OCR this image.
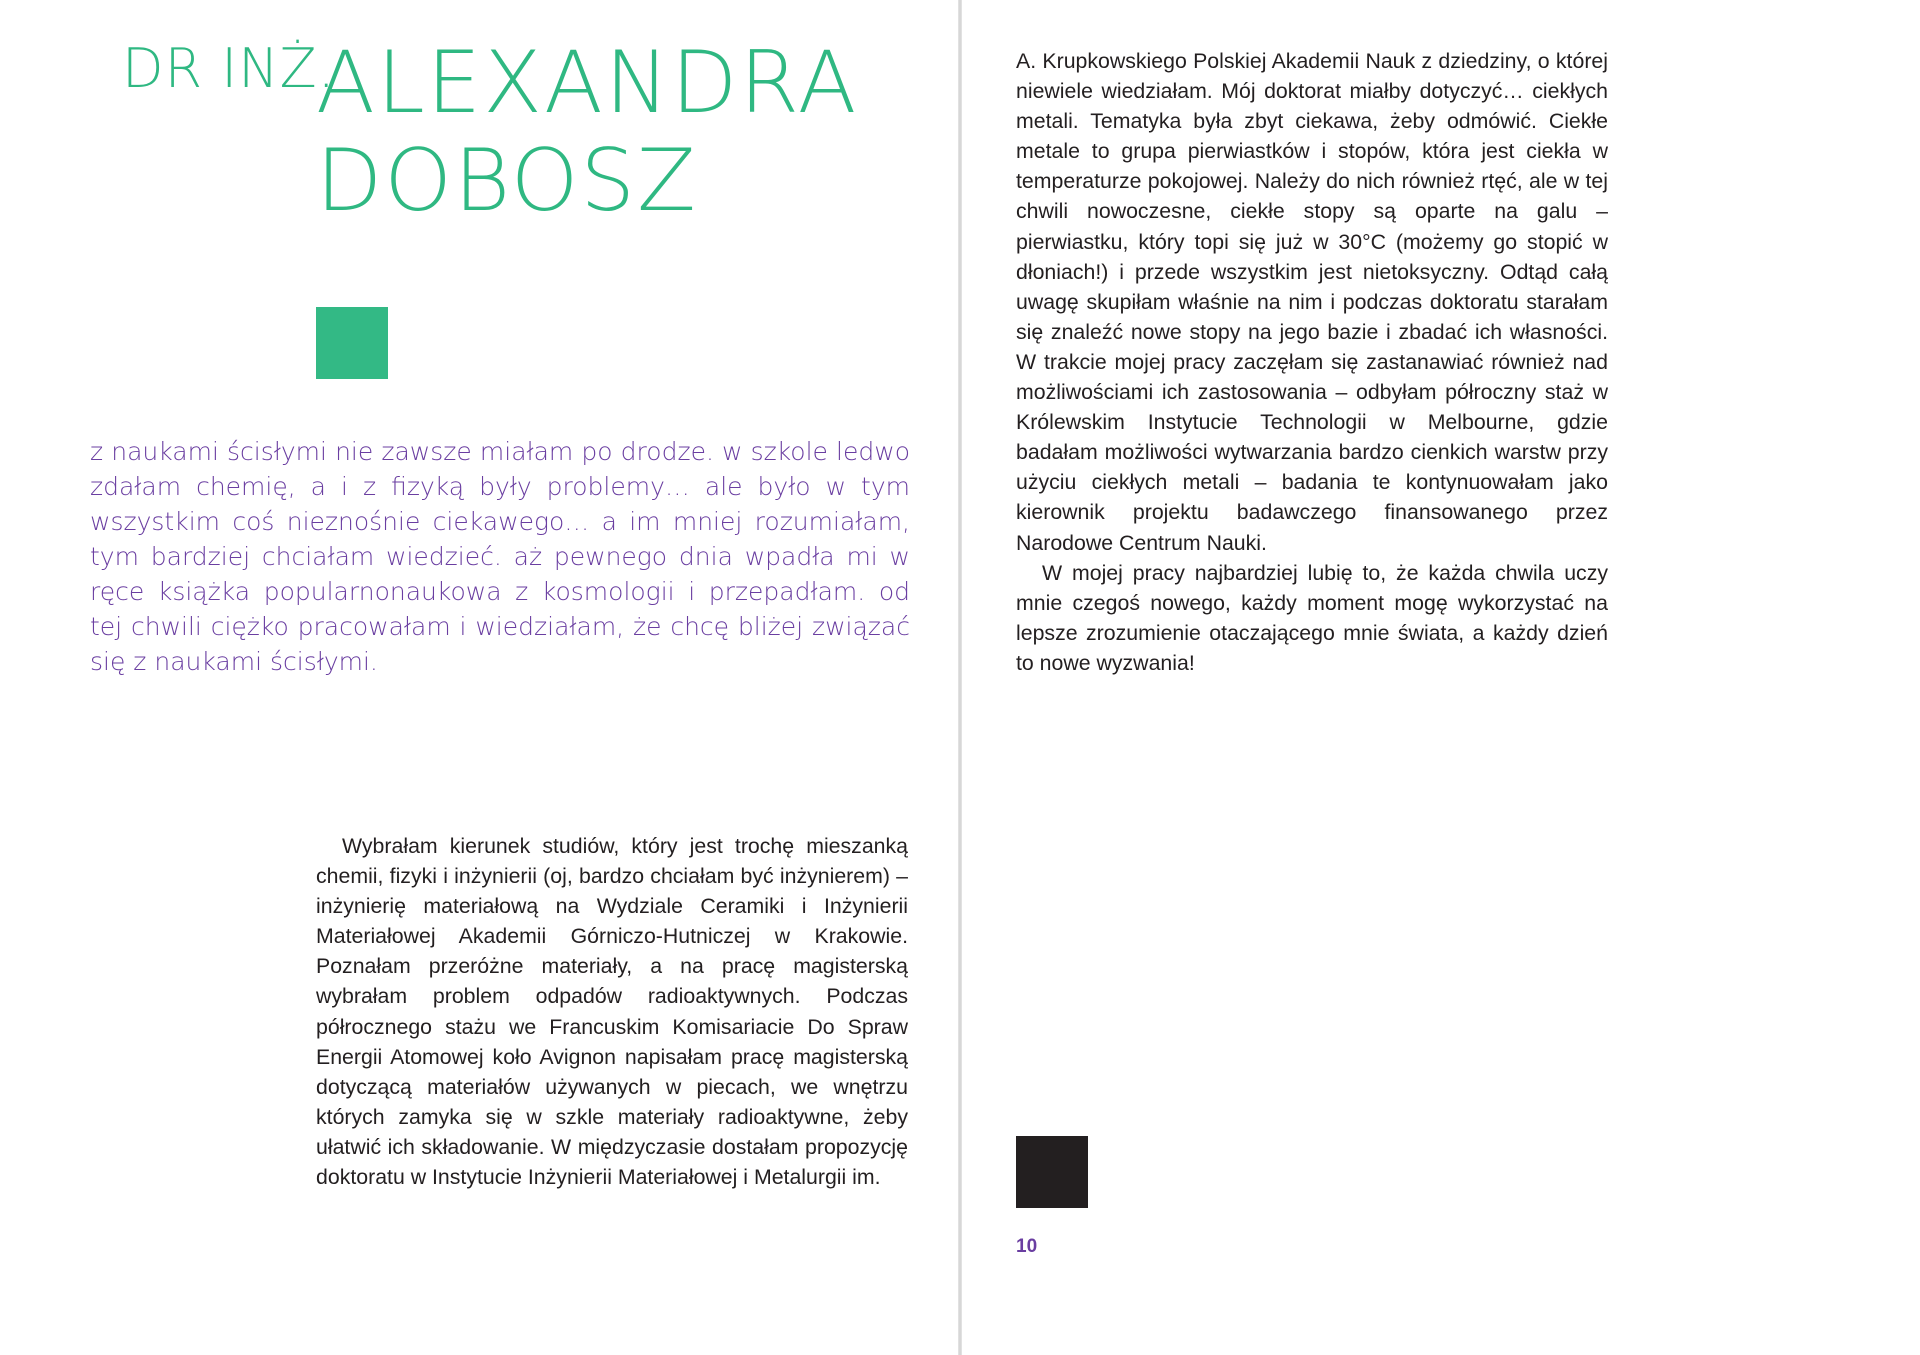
DR INŻ.
ALEXANDRA
DOBOSZ
z naukami ścisłymi nie zawsze miałam po drodze. w szkole ledwo zdałam chemię, a i z fizyką były problemy… ale było w tym wszystkim coś nieznośnie ciekawego… a im mniej rozumiałam, tym bardziej chciałam wiedzieć. aż pewnego dnia wpadła mi w ręce książka popularnonaukowa z kosmologii i przepadłam. od tej chwili ciężko pracowałam i wiedziałam, że chcę bliżej związać się z naukami ścisłymi.

Wybrałam kierunek studiów, który jest trochę mieszanką chemii, fizyki i inżynierii (oj, bardzo chciałam być inżynierem) – inżynierię materiałową na Wydziale Ceramiki i Inżynierii Materiałowej Akademii Górniczo-Hutniczej w Krakowie. Poznałam przeróżne materiały, a na pracę magisterską wybrałam problem odpadów radioaktywnych. Podczas półrocznego stażu we Francuskim Komisariacie Do Spraw Energii Atomowej koło Avignon napisałam pracę magisterską dotyczącą materiałów używanych w piecach, we wnętrzu których zamyka się w szkle materiały radioaktywne, żeby ułatwić ich składowanie. W międzyczasie dostałam propozycję doktoratu w Instytucie Inżynierii Materiałowej i Metalurgii im.

A. Krupkowskiego Polskiej Akademii Nauk z dziedziny, o której niewiele wiedziałam. Mój doktorat miałby dotyczyć… ciekłych metali. Tematyka była zbyt ciekawa, żeby odmówić. Ciekłe metale to grupa pierwiastków i stopów, która jest ciekła w temperaturze pokojowej. Należy do nich również rtęć, ale w tej chwili nowoczesne, ciekłe stopy są oparte na galu – pierwiastku, który topi się już w 30°C (możemy go stopić w dłoniach!) i przede wszystkim jest nietoksyczny. Odtąd całą uwagę skupiłam właśnie na nim i podczas doktoratu starałam się znaleźć nowe stopy na jego bazie i zbadać ich własności. W trakcie mojej pracy zaczęłam się zastanawiać również nad możliwościami ich zastosowania – odbyłam półroczny staż w Królewskim Instytucie Technologii w Melbourne, gdzie badałam możliwości wytwarzania bardzo cienkich warstw przy użyciu ciekłych metali – badania te kontynuowałam jako kierownik projektu badawczego finansowanego przez Narodowe Centrum Nauki.

W mojej pracy najbardziej lubię to, że każda chwila uczy mnie czegoś nowego, każdy moment mogę wykorzystać na lepsze zrozumienie otaczającego mnie świata, a każdy dzień to nowe wyzwania!

10
